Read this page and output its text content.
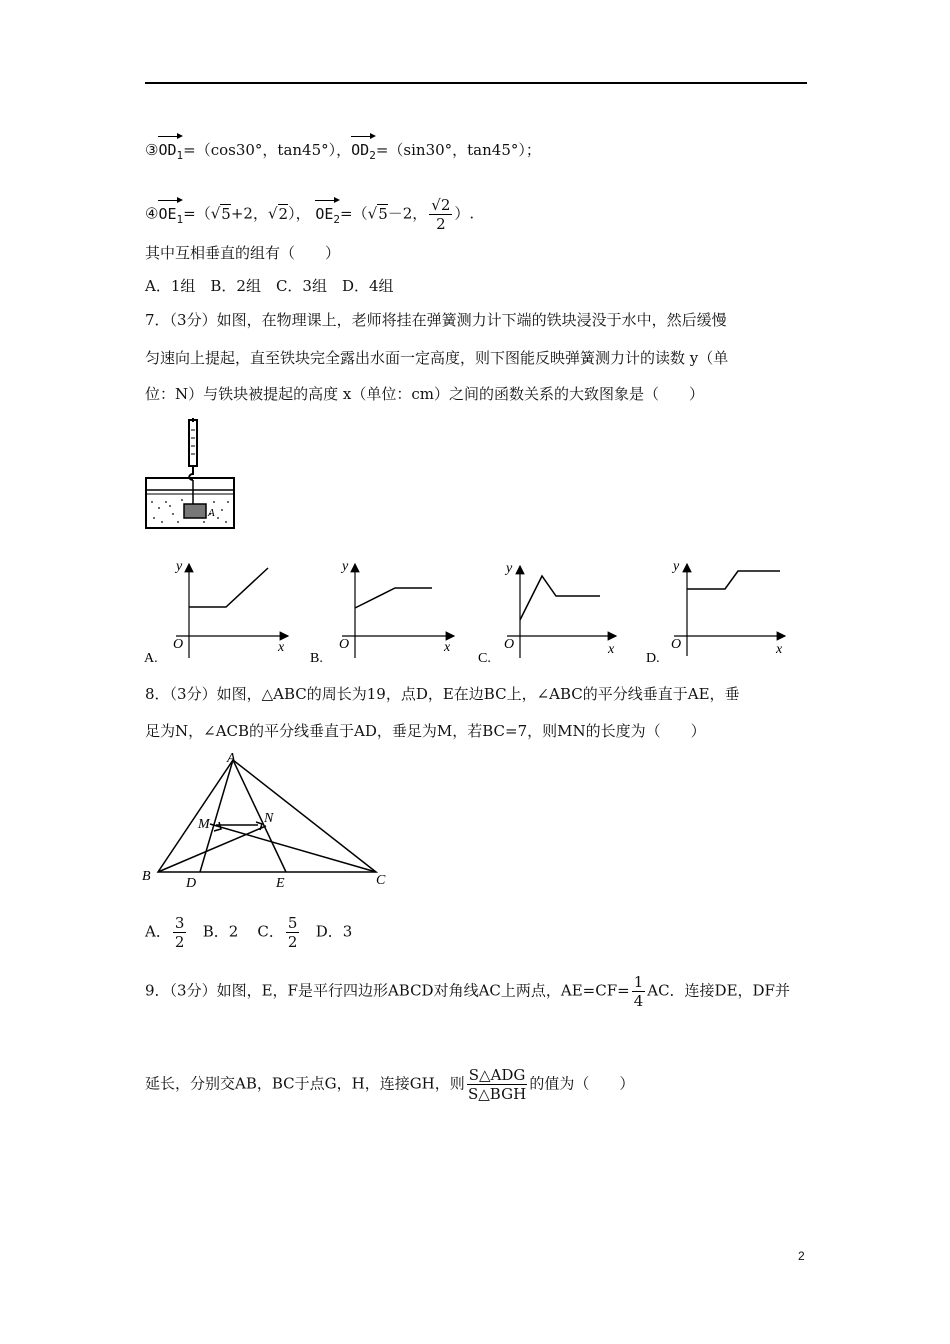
$③OD_1=(\cos 30^\circ$，tan45°），$OD_2=(\sin 30^\circ$，tan45°）；
$④OE_1=(√5+2$，√2）， $OE_2=(√5-2$， $\frac{√2}{2}$ ）.
其中互相垂直的组有（　　）
A．1组　B．2组　C．3组　D．4组
7．（3分）如图，在物理课上，老师将挂在弹簧测力计下端的铁块浸没于水中，然后缓慢
匀速向上提起，直至铁块完全露出水面一定高度，则下图能反映弹簧测力计的读数 y（单
位：N）与铁块被提起的高度 x（单位：cm）之间的函数关系的大致图象是（　　）
A
y
x
O
A.
y
x
O
B.
y
x
O
C.
y
x
O
D.
8．（3分）如图，△ABC的周长为19，点D，E在边BC上，∠ABC的平分线垂直于AE，垂
足为N，∠ACB的平分线垂直于AD，垂足为M，若BC=7，则MN的长度为（　　）
A
B	C
D	E
M	N
A． $\frac{3}{2}$ B．2 C． $\frac{5}{2}$ D．3
9．（3分）如图，E，F是平行四边形ABCD对角线AC上两点，$AE=CF= \frac{1}{4}$ AC．连接DE，DF并
延长，分别交AB，BC于点G，H，连接GH，则 $\frac{\text{S△ADG}}{\text{S△BGH}}$ 的值为（　　）
2
